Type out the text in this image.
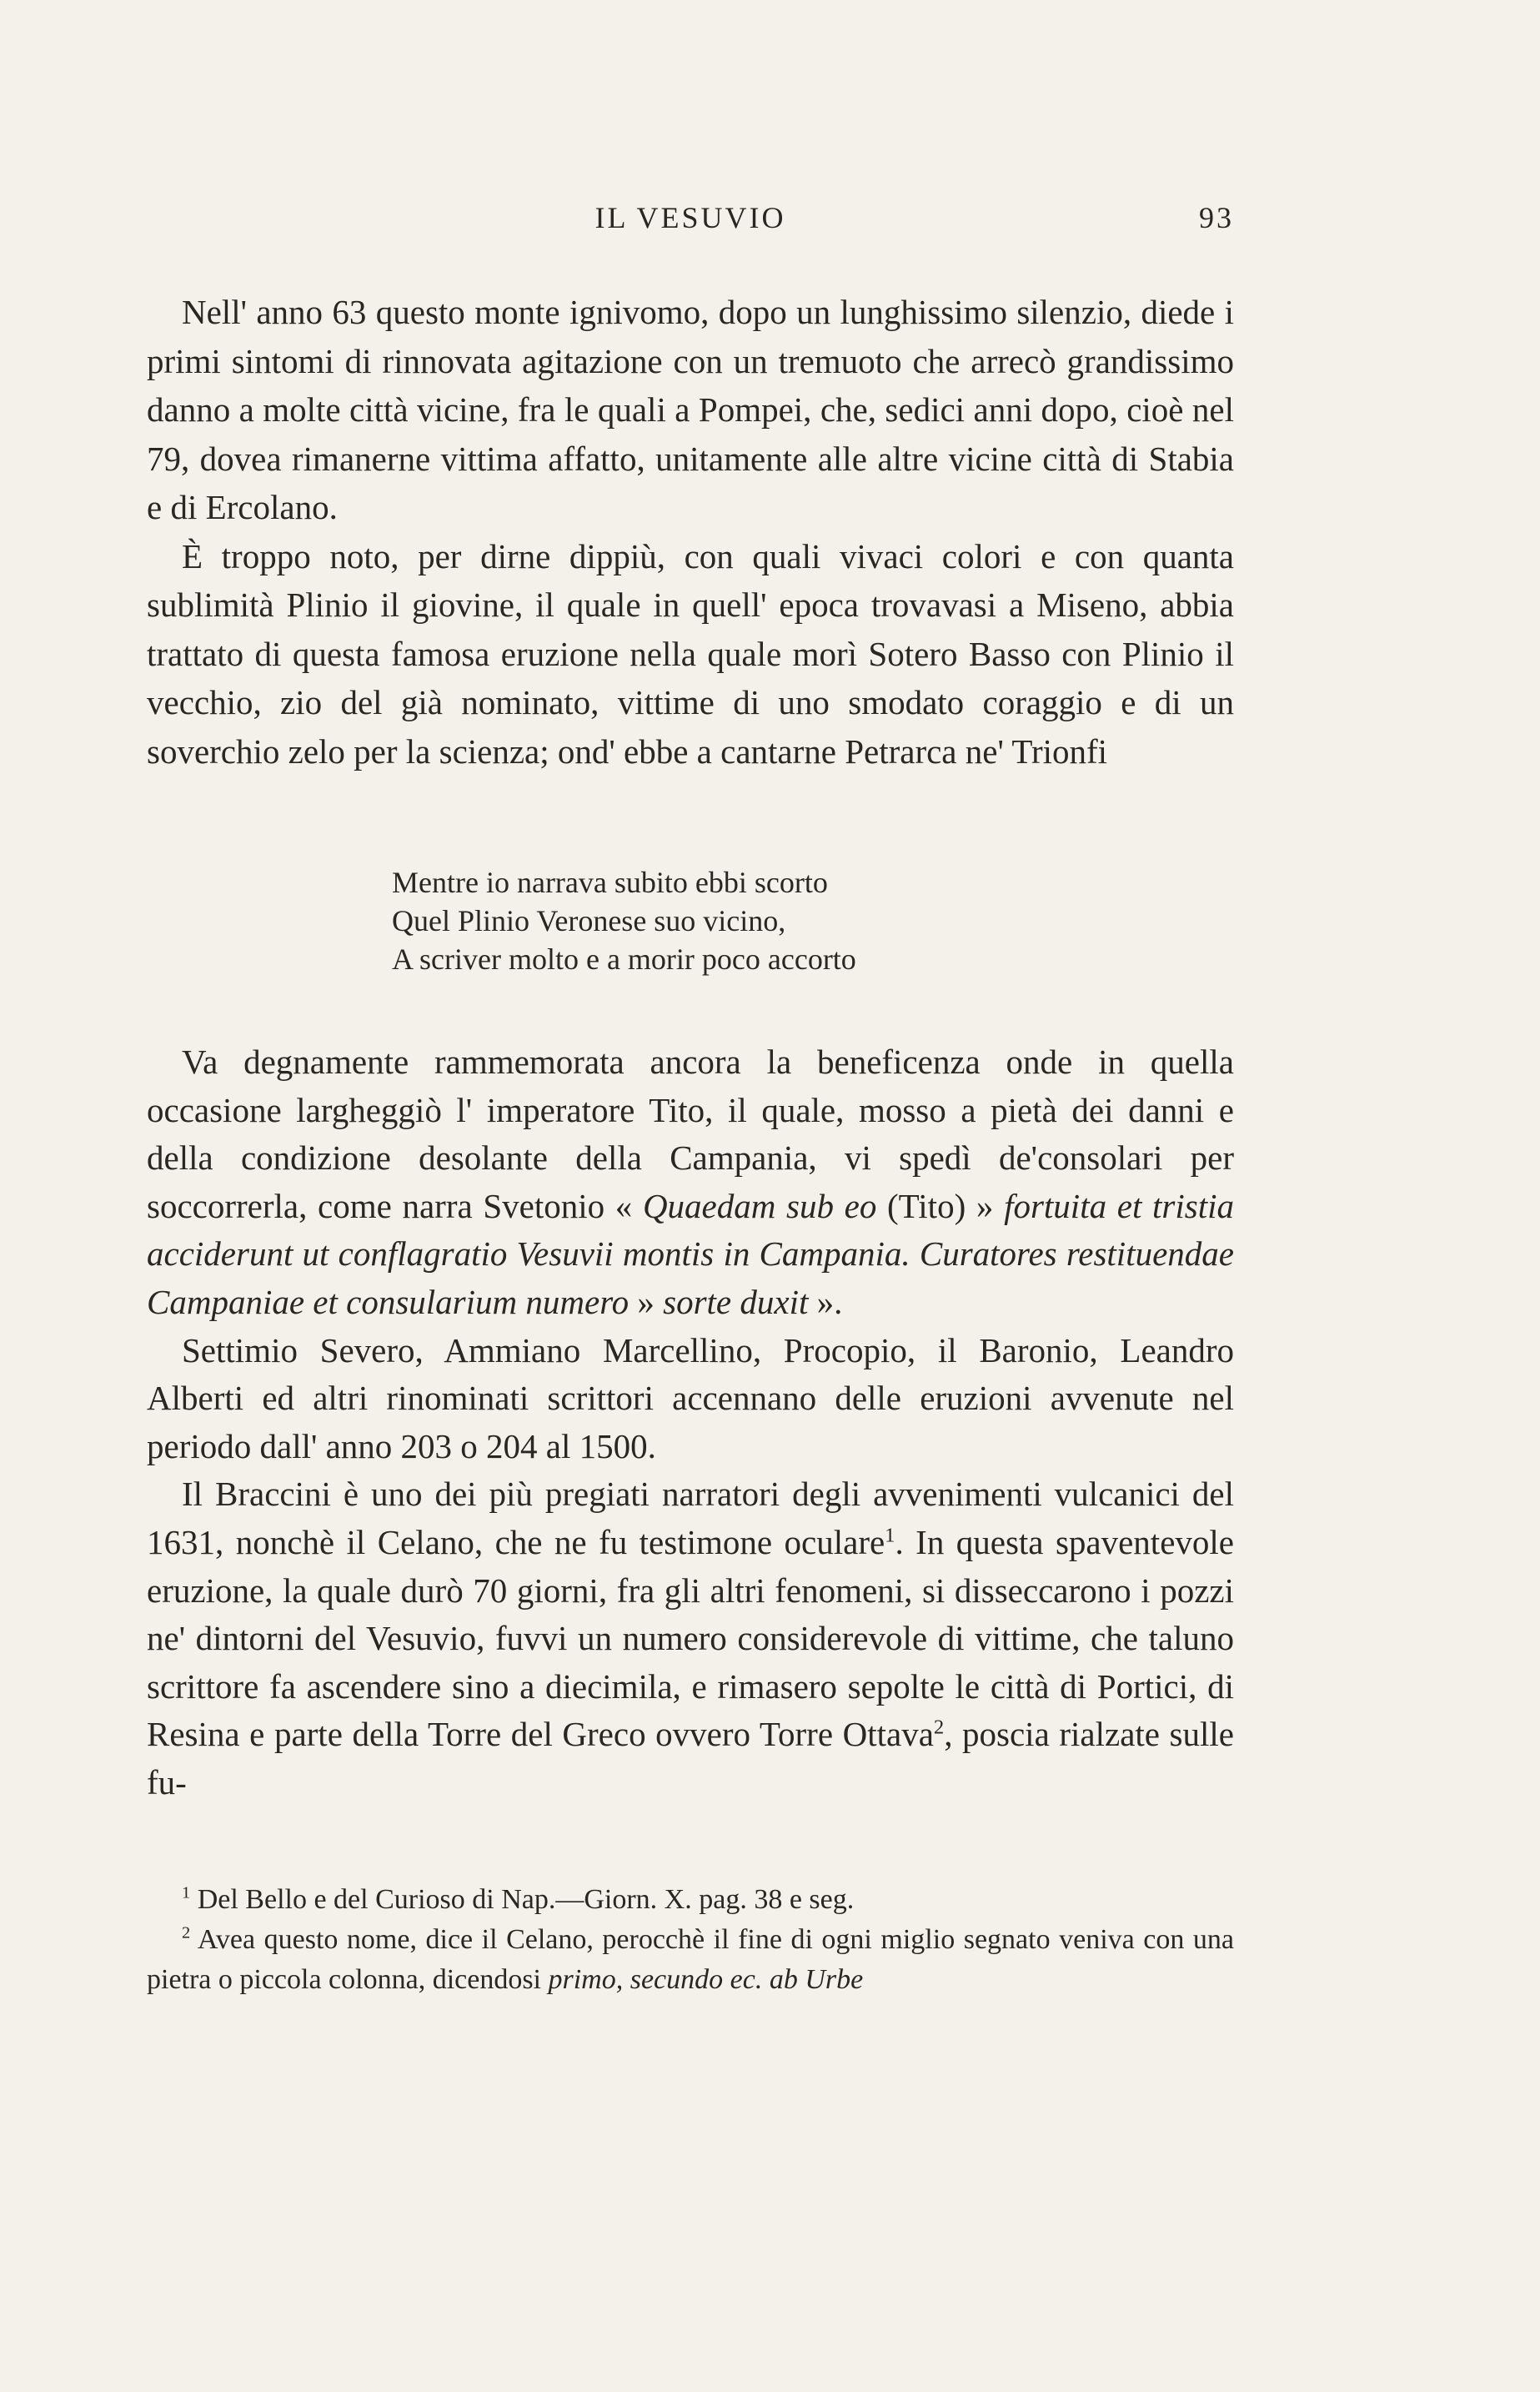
IL VESUVIO	93

Nell' anno 63 questo monte ignivomo, dopo un lunghissimo silenzio, diede i primi sintomi di rinnovata agitazione con un tremuoto che arrecò grandissimo danno a molte città vicine, fra le quali a Pompei, che, sedici anni dopo, cioè nel 79, dovea rimanerne vittima affatto, unitamente alle altre vicine città di Stabia e di Ercolano.

È troppo noto, per dirne dippiù, con quali vivaci colori e con quanta sublimità Plinio il giovine, il quale in quell' epoca trovavasi a Miseno, abbia trattato di questa famosa eruzione nella quale morì Sotero Basso con Plinio il vecchio, zio del già nominato, vittime di uno smodato coraggio e di un soverchio zelo per la scienza; ond' ebbe a cantarne Petrarca ne' Trionfi

Mentre io narrava subito ebbi scorto
Quel Plinio Veronese suo vicino,
A scriver molto e a morir poco accorto

Va degnamente rammemorata ancora la beneficenza onde in quella occasione largheggiò l' imperatore Tito, il quale, mosso a pietà dei danni e della condizione desolante della Campania, vi spedì de'consolari per soccorrerla, come narra Svetonio « Quaedam sub eo (Tito) » fortuita et tristia acciderunt ut conflagratio Vesuvii montis in Campania. Curatores restituendae Campaniae et consularium numero » sorte duxit ».

Settimio Severo, Ammiano Marcellino, Procopio, il Baronio, Leandro Alberti ed altri rinominati scrittori accennano delle eruzioni avvenute nel periodo dall' anno 203 o 204 al 1500.

Il Braccini è uno dei più pregiati narratori degli avvenimenti vulcanici del 1631, nonchè il Celano, che ne fu testimone oculare$^1$. In questa spaventevole eruzione, la quale durò 70 giorni, fra gli altri fenomeni, si disseccarono i pozzi ne' dintorni del Vesuvio, fuvvi un numero considerevole di vittime, che taluno scrittore fa ascendere sino a diecimila, e rimasero sepolte le città di Portici, di Resina e parte della Torre del Greco ovvero Torre Ottava$^2$, poscia rialzate sulle fu-

$^1$ Del Bello e del Curioso di Nap.—Giorn. X. pag. 38 e seg.

$^2$ Avea questo nome, dice il Celano, perocchè il fine di ogni miglio segnato veniva con una pietra o piccola colonna, dicendosi primo, secundo ec. ab Urbe
